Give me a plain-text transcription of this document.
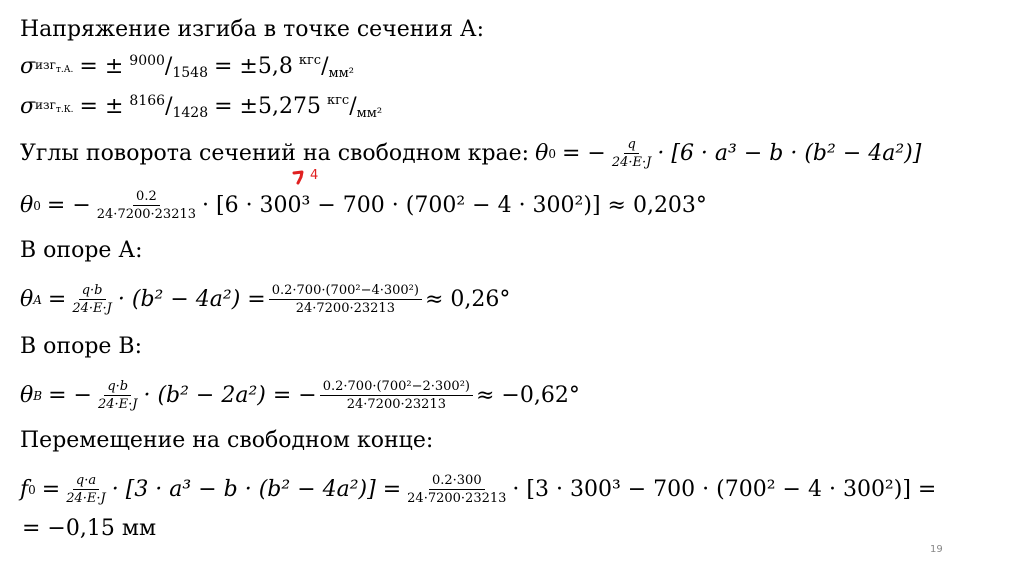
Напряжение изгиба в точке сечения А:
σ изг$_{т.А.}$ = ± 9000 / 1548 = ±5,8 кгс / мм²
σ изг$_{т.К.}$ = ± 8166 / 1428 = ±5,275 кгс / мм²
Углы поворота сечений на свободном крае: θ 0 = − $\frac{q}{24\cdot E\cdot J} \cdot [6 \cdot a^3 - b \cdot (b^2 - 4a^2)]$
θ 0 = − $\frac{0.2}{24\cdot 7200\cdot 23213} \cdot [6 \cdot 300^3 - 700 \cdot (700^2 - 4 \cdot 300^2)] \approx 0,203^\circ$
4
В опоре А:
θ $A = \frac{q\cdot b}{24\cdot E\cdot J} \cdot (b^2 - 4a^2) = \frac{\text{0.2·700·(700²−4·300²)}}{24\cdot 7200\cdot 23213} \approx 0,26^\circ$
В опоре В:
θ B = − $\frac{q\cdot b}{24\cdot E\cdot J} \cdot (b^2 - 2a^2)$ = − $\frac{\text{0.2·700·(700²−2·300²)}}{24\cdot 7200\cdot 23213} \approx -0,62^\circ$
Перемещение на свободном конце:
f $0 = \frac{q\cdot a}{24\cdot E\cdot J} \cdot [3 \cdot a^3 - b \cdot (b^2 - 4a^2)] = \frac{0.2\cdot 300}{24\cdot 7200\cdot 23213} \cdot [3 \cdot 300^3 - 700 \cdot (700^2 - 4 \cdot 300^2)]$ =
= −0,15 мм
19
